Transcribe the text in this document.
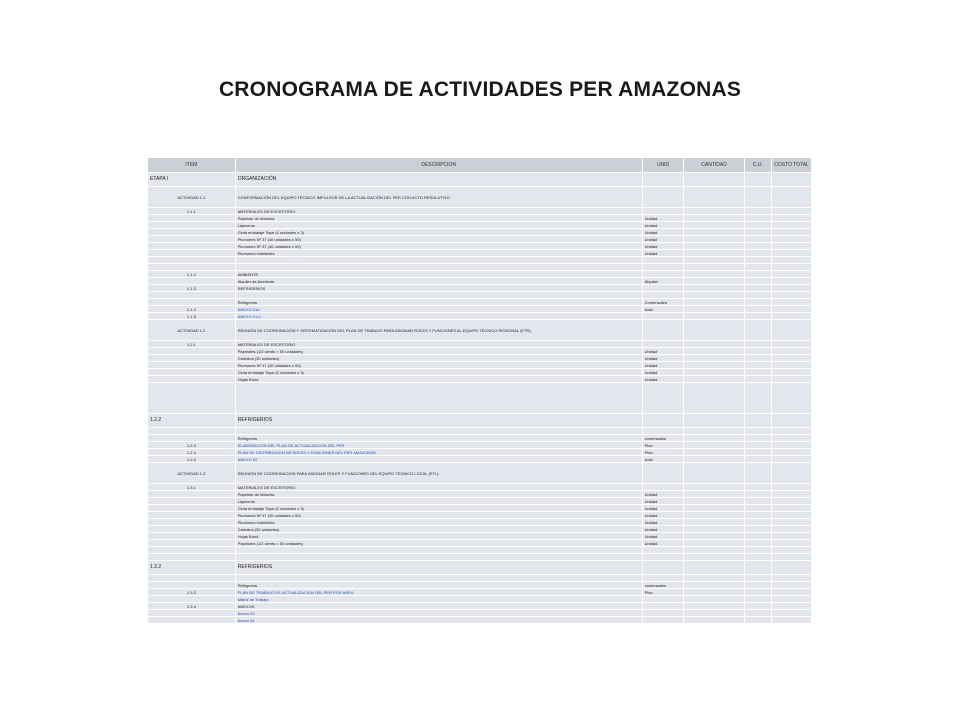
CRONOGRAMA DE ACTIVIDADES PER AMAZONAS
ITEM	DESCRIPCION	UNID	CANTIDAD	C.U.	COSTO TOTAL
ETAPA I	ORGANIZACIÓN				
ACTIVIDAD 1.1	CONFORMACIÓN DEL EQUIPO TÉCNICO IMPULSOR DE LA ACTUALIZACIÓN DEL PER CON ACTO RESOLUTIVO				
1.1.1	MATERIALES DE ESCRITORIO				
	Papelote de Mancha	Unidad			
	Lapiceros	Unidad			
	Cinta embalaje Tape (4 unidades x 3)	Unidad			
	Plumones Nº 37 (40 unidades x 50)	Unidad			
	Plumones Nº 37 (40 unidades x 50)	Unidad			
	Plumones indelebles	Unidad			

1.1.2	AMBIENTE				
	Alquiler de Ambiente	Alquiler			
1.1.3	REFRIGERIOS				

	Refrigerios	Comensales			
1.1.4	ANEXO 01a	Acta			
1.1.5	ANEXO 01 b				
ACTIVIDAD 1.2	REUNIÓN DE COORDINACIÓN Y SISTEMATIZACIÓN DEL PLAN DE TRABAJO PARA ASIGNAR ROLES Y FUNCIONES AL EQUIPO TÉCNICO REGIONAL (ETR).				
1.2.1	MATERIALES DE ESCRITORIO				
	Papelotes (1/2 ciento = 50 unidades)	Unidad			
	Cartulina (30 unidades)	Unidad			
	Plumones Nº 37 (40 unidades x 50)	Unidad			
	Cinta embalaje Tape (4 unidades x 3)	Unidad			
	Hojas Bond	Unidad			

1.2.2	REFRIGERIOS				

	Refrigerios	comensales			
1.2.3	ELABORACION DEL PLAN DE ACTUALIZACION DEL PER	Plan			
1.2.4	PLAN DE DISTRIBUCION DE ROLES Y FUNCIONES DEL PER AMAZONAS	Plan			
1.2.5	ANEXO 02	Acta			
ACTIVIDAD 1.3	REUNIÓN DE COORDINACIÓN PARA ASIGNAR ROLES Y FUNCIONES DEL EQUIPO TÉCNICO LOCAL (ETL).				
1.3.1	MATERIALES DE ESCRITORIO				
	Papelote de Mancha	Unidad			
	Lapiceros	Unidad			
	Cinta embalaje Tape (4 unidades x 3)	Unidad			
	Plumones Nº 37 (40 unidades x 50)	Unidad			
	Plumones indelebles	Unidad			
	Cartulina (30 unidades)	Unidad			
	Hojas Bond	Unidad			
	Papelotes (1/2 ciento = 50 unidades)	Unidad			

1.3.2	REFRIGERIOS				

	Refrigerios	comensales			
1.3.3	PLAN DE TRABAJO DE ACTUALIZACION DEL PER POR AREA	Plan			
	Matriz de Trabajo				
1.3.4	ANEXOS				
	Anexo 03				
	Anexo 04				
